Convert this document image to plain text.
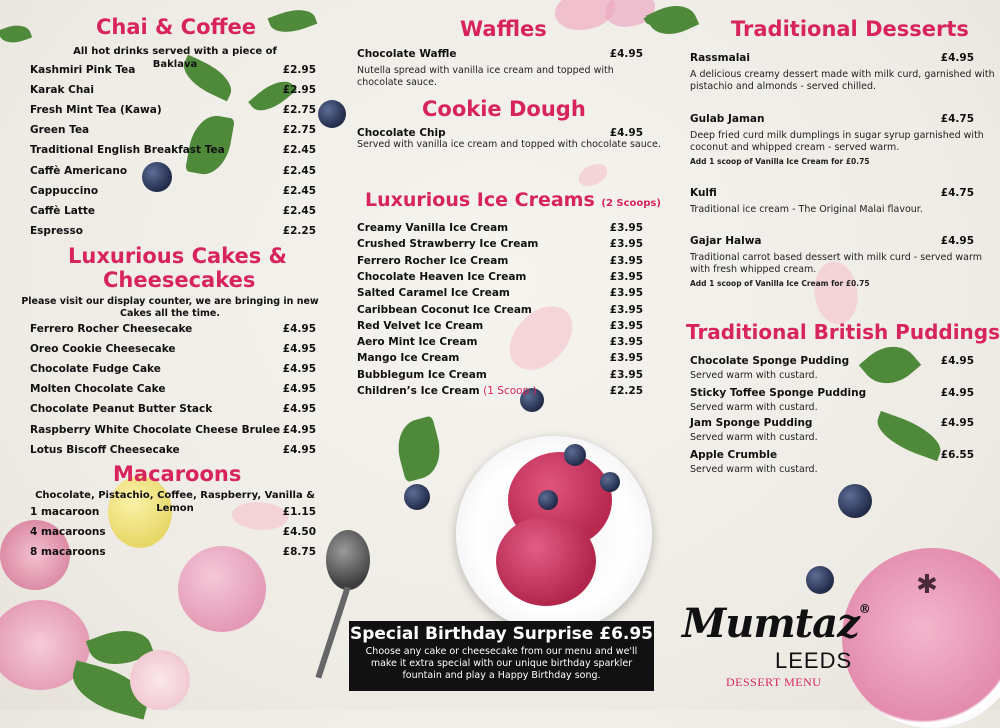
✱
Chai & Coffee
All hot drinks served with a piece of Baklava
Kashmiri Pink Tea	£2.95
Karak Chai	£2.95
Fresh Mint Tea (Kawa)	£2.75
Green Tea	£2.75
Traditional English Breakfast Tea	£2.45
Caffè Americano	£2.45
Cappuccino	£2.45
Caffè Latte	£2.45
Espresso	£2.25
Luxurious Cakes &
Cheesecakes
Please visit our display counter, we are bringing in new
Cakes all the time.
Ferrero Rocher Cheesecake	£4.95
Oreo Cookie Cheesecake	£4.95
Chocolate Fudge Cake	£4.95
Molten Chocolate Cake	£4.95
Chocolate Peanut Butter Stack	£4.95
Raspberry White Chocolate Cheese Brulee £4.95
Lotus Biscoff Cheesecake	£4.95
Macaroons
Chocolate, Pistachio, Coffee, Raspberry, Vanilla & Lemon
1 macaroon	£1.15
4 macaroons	£4.50
8 macaroons	£8.75
Waffles
Chocolate Waffle	£4.95
Nutella spread with vanilla ice cream and topped with
chocolate sauce.
Cookie Dough
Chocolate Chip	£4.95
Served with vanilla ice cream and topped with chocolate sauce.
Luxurious Ice Creams (2 Scoops)
Creamy Vanilla Ice Cream	£3.95
Crushed Strawberry Ice Cream	£3.95
Ferrero Rocher Ice Cream	£3.95
Chocolate Heaven Ice Cream	£3.95
Salted Caramel Ice Cream	£3.95
Caribbean Coconut Ice Cream	£3.95
Red Velvet Ice Cream	£3.95
Aero Mint Ice Cream	£3.95
Mango Ice Cream	£3.95
Bubblegum Ice Cream	£3.95
Children’s Ice Cream (1 Scoop )	£2.25
Special Birthday Surprise £6.95
Choose any cake or cheesecake from our menu and we'll make it extra special with our unique birthday sparkler fountain and play a Happy Birthday song.
Traditional Desserts
Rassmalai	£4.95
A delicious creamy dessert made with milk curd, garnished with
pistachio and almonds - served chilled.
Gulab Jaman	£4.75
Deep fried curd milk dumplings in sugar syrup garnished with
coconut and whipped cream - served warm.
Add 1 scoop of Vanilla Ice Cream for £0.75
Kulfi	£4.75
Traditional ice cream - The Original Malai flavour.
Gajar Halwa	£4.95
Traditional carrot based dessert with milk curd - served warm
with fresh whipped cream.
Add 1 scoop of Vanilla Ice Cream for £0.75
Traditional British Puddings
Chocolate Sponge Pudding	£4.95
Served warm with custard.
Sticky Toffee Sponge Pudding	£4.95
Served warm with custard.
Jam Sponge Pudding	£4.95
Served warm with custard.
Apple Crumble	£6.55
Served warm with custard.
Mumtaz®
LEEDS
DESSERT MENU
